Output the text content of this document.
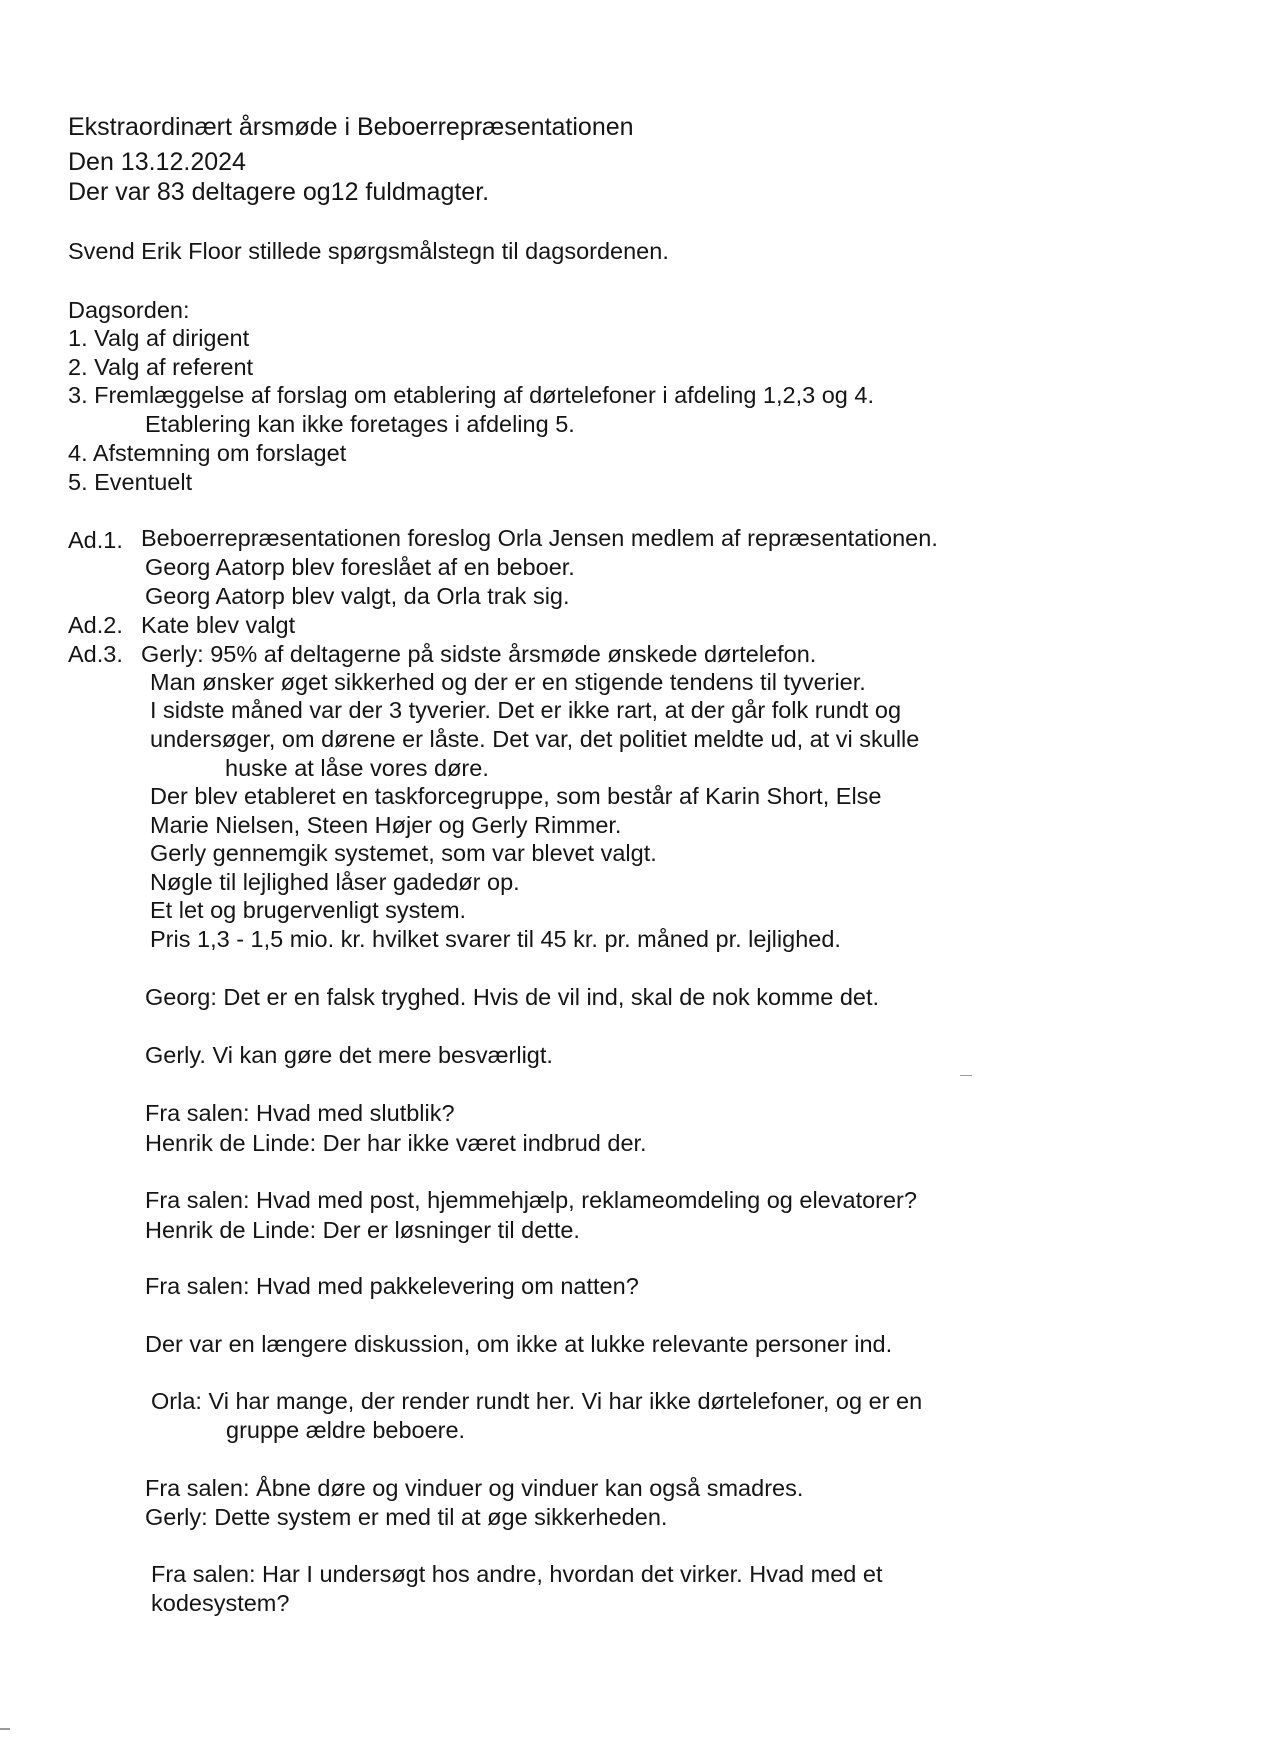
Ekstraordinært årsmøde i Beboerrepræsentationen
Den 13.12.2024
Der var 83 deltagere og12 fuldmagter.
Svend Erik Floor stillede spørgsmålstegn til dagsordenen.
Dagsorden:
1. Valg af dirigent
2. Valg af referent
3. Fremlæggelse af forslag om etablering af dørtelefoner i afdeling 1,2,3 og 4.
Etablering kan ikke foretages i afdeling 5.
4. Afstemning om forslaget
5. Eventuelt
Ad.1. Beboerrepræsentationen foreslog Orla Jensen medlem af repræsentationen.
Georg Aatorp blev foreslået af en beboer.
Georg Aatorp blev valgt, da Orla trak sig.
Ad.2. Kate blev valgt
Ad.3. Gerly: 95% af deltagerne på sidste årsmøde ønskede dørtelefon.
Man ønsker øget sikkerhed og der er en stigende tendens til tyverier.
I sidste måned var der 3 tyverier. Det er ikke rart, at der går folk rundt og
undersøger, om dørene er låste. Det var, det politiet meldte ud, at vi skulle
huske at låse vores døre.
Der blev etableret en taskforcegruppe, som består af Karin Short, Else
Marie Nielsen, Steen Højer og Gerly Rimmer.
Gerly gennemgik systemet, som var blevet valgt.
Nøgle til lejlighed låser gadedør op.
Et let og brugervenligt system.
Pris 1,3 - 1,5 mio. kr. hvilket svarer til 45 kr. pr. måned pr. lejlighed.
Georg: Det er en falsk tryghed. Hvis de vil ind, skal de nok komme det.
Gerly. Vi kan gøre det mere besværligt.
Fra salen: Hvad med slutblik?
Henrik de Linde: Der har ikke været indbrud der.
Fra salen: Hvad med post, hjemmehjælp, reklameomdeling og elevatorer?
Henrik de Linde: Der er løsninger til dette.
Fra salen: Hvad med pakkelevering om natten?
Der var en længere diskussion, om ikke at lukke relevante personer ind.
Orla: Vi har mange, der render rundt her. Vi har ikke dørtelefoner, og er en
gruppe ældre beboere.
Fra salen: Åbne døre og vinduer og vinduer kan også smadres.
Gerly: Dette system er med til at øge sikkerheden.
Fra salen: Har I undersøgt hos andre, hvordan det virker. Hvad med et
kodesystem?
